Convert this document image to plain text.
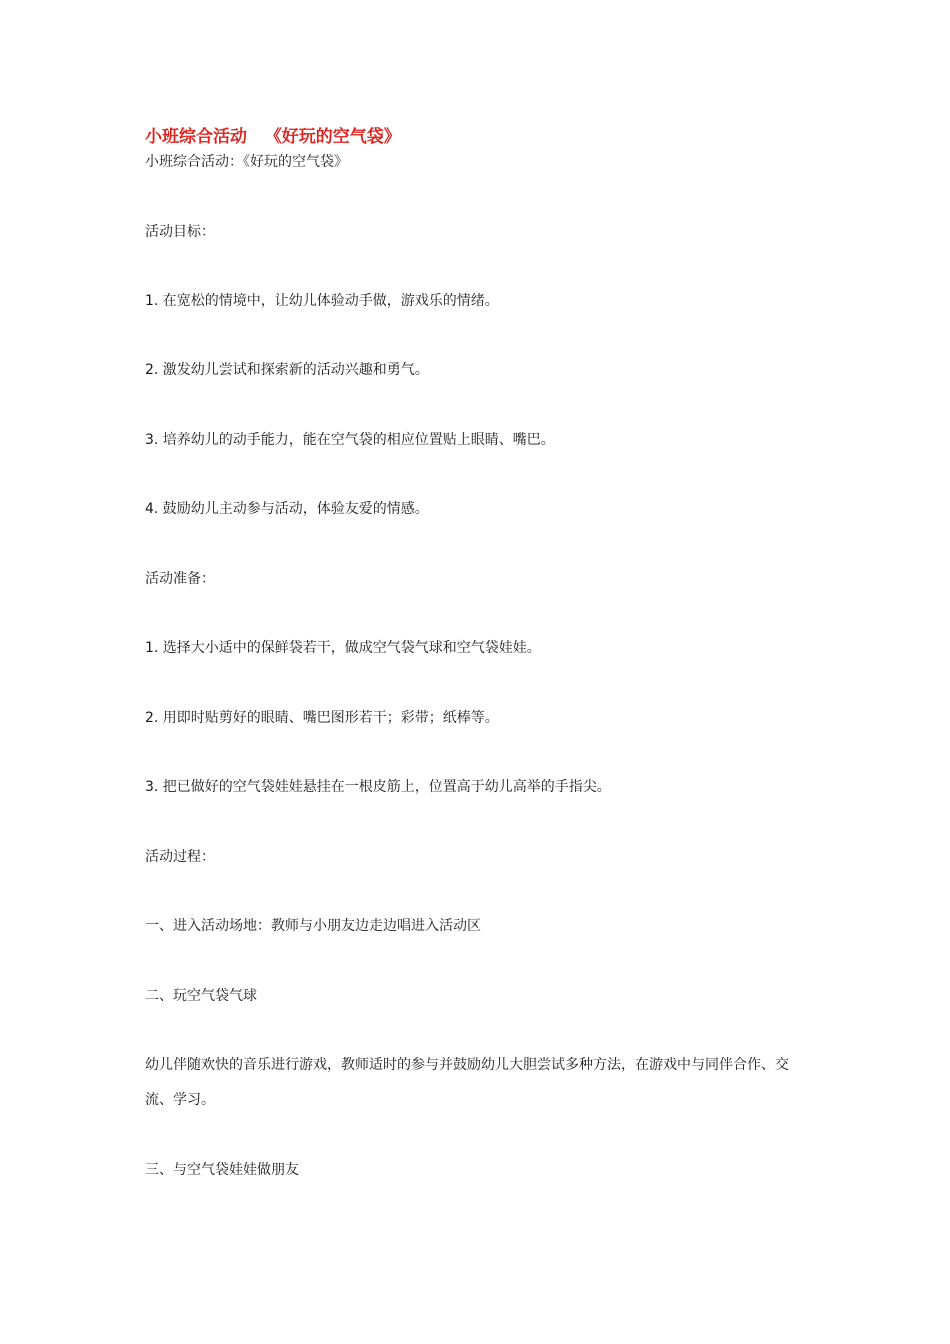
小班综合活动   《好玩的空气袋》
小班综合活动：《好玩的空气袋》
活动目标：
1. 在宽松的情境中，让幼儿体验动手做，游戏乐的情绪。
2. 激发幼儿尝试和探索新的活动兴趣和勇气。
3. 培养幼儿的动手能力，能在空气袋的相应位置贴上眼睛、嘴巴。
4. 鼓励幼儿主动参与活动，体验友爱的情感。
活动准备：
1. 选择大小适中的保鲜袋若干，做成空气袋气球和空气袋娃娃。
2. 用即时贴剪好的眼睛、嘴巴图形若干；彩带；纸棒等。
3. 把已做好的空气袋娃娃悬挂在一根皮筋上，位置高于幼儿高举的手指尖。
活动过程：
一、进入活动场地：教师与小朋友边走边唱进入活动区
二、玩空气袋气球
幼儿伴随欢快的音乐进行游戏，教师适时的参与并鼓励幼儿大胆尝试多种方法，在游戏中与同伴合作、交流、学习。
三、与空气袋娃娃做朋友
